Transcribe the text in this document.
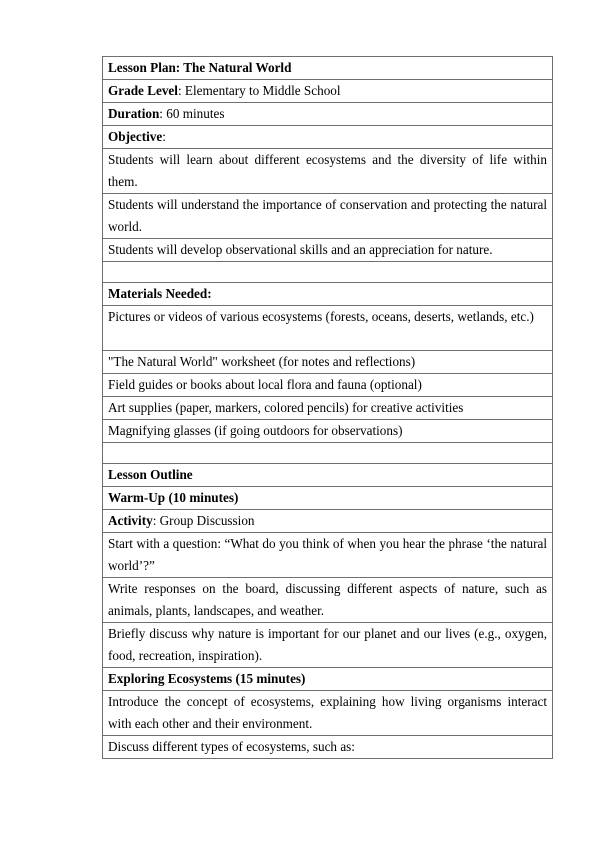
Lesson Plan: The Natural World
Grade Level: Elementary to Middle School
Duration: 60 minutes
Objective:
Students will learn about different ecosystems and the diversity of life within them.
Students will understand the importance of conservation and protecting the natural world.
Students will develop observational skills and an appreciation for nature.

Materials Needed:
Pictures or videos of various ecosystems (forests, oceans, deserts, wetlands, etc.)
"The Natural World" worksheet (for notes and reflections)
Field guides or books about local flora and fauna (optional)
Art supplies (paper, markers, colored pencils) for creative activities
Magnifying glasses (if going outdoors for observations)

Lesson Outline
Warm-Up (10 minutes)
Activity: Group Discussion
Start with a question: “What do you think of when you hear the phrase ‘the natural world’?”
Write responses on the board, discussing different aspects of nature, such as animals, plants, landscapes, and weather.
Briefly discuss why nature is important for our planet and our lives (e.g., oxygen, food, recreation, inspiration).
Exploring Ecosystems (15 minutes)
Introduce the concept of ecosystems, explaining how living organisms interact with each other and their environment.
Discuss different types of ecosystems, such as:
